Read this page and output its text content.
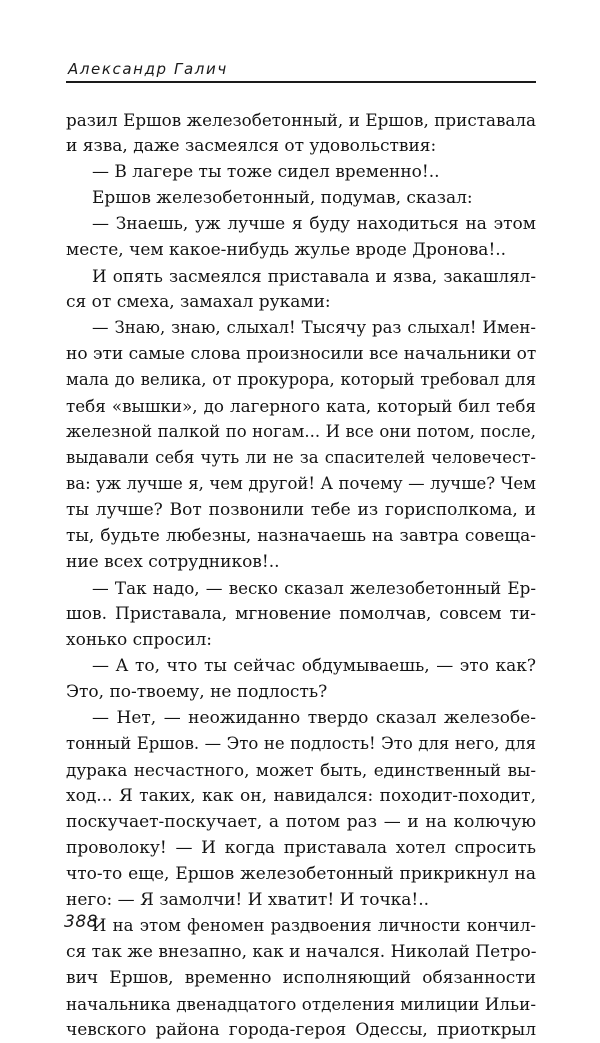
Александр Галич
разил Ершов железобетонный, и Ершов, приставала
и язва, даже засмеялся от удовольствия:
— В лагере ты тоже сидел временно!..
Ершов железобетонный, подумав, сказал:
— Знаешь, уж лучше я буду находиться на этом
месте, чем какое-нибудь жулье вроде Дронова!..
И опять засмеялся приставала и язва, закашлял-
ся от смеха, замахал руками:
— Знаю, знаю, слыхал! Тысячу раз слыхал! Имен-
но эти самые слова произносили все начальники от
мала до велика, от прокурора, который требовал для
тебя «вышки», до лагерного ката, который бил тебя
железной палкой по ногам... И все они потом, после,
выдавали себя чуть ли не за спасителей человечест-
ва: уж лучше я, чем другой! А почему — лучше? Чем
ты лучше? Вот позвонили тебе из горисполкома, и
ты, будьте любезны, назначаешь на завтра совеща-
ние всех сотрудников!..
— Так надо, — веско сказал железобетонный Ер-
шов. Приставала, мгновение помолчав, совсем ти-
хонько спросил:
— А то, что ты сейчас обдумываешь, — это как?
Это, по-твоему, не подлость?
— Нет, — неожиданно твердо сказал железобе-
тонный Ершов. — Это не подлость! Это для него, для
дурака несчастного, может быть, единственный вы-
ход... Я таких, как он, навидался: походит-походит,
поскучает-поскучает, а потом раз — и на колючую
проволоку! — И когда приставала хотел спросить
что-то еще, Ершов железобетонный прикрикнул на
него: — Я замолчи! И хватит! И точка!..
И на этом феномен раздвоения личности кончил-
ся так же внезапно, как и начался. Николай Петро-
вич Ершов, временно исполняющий обязанности
начальника двенадцатого отделения милиции Ильи-
чевского района города-героя Одессы, приоткрыл
388
